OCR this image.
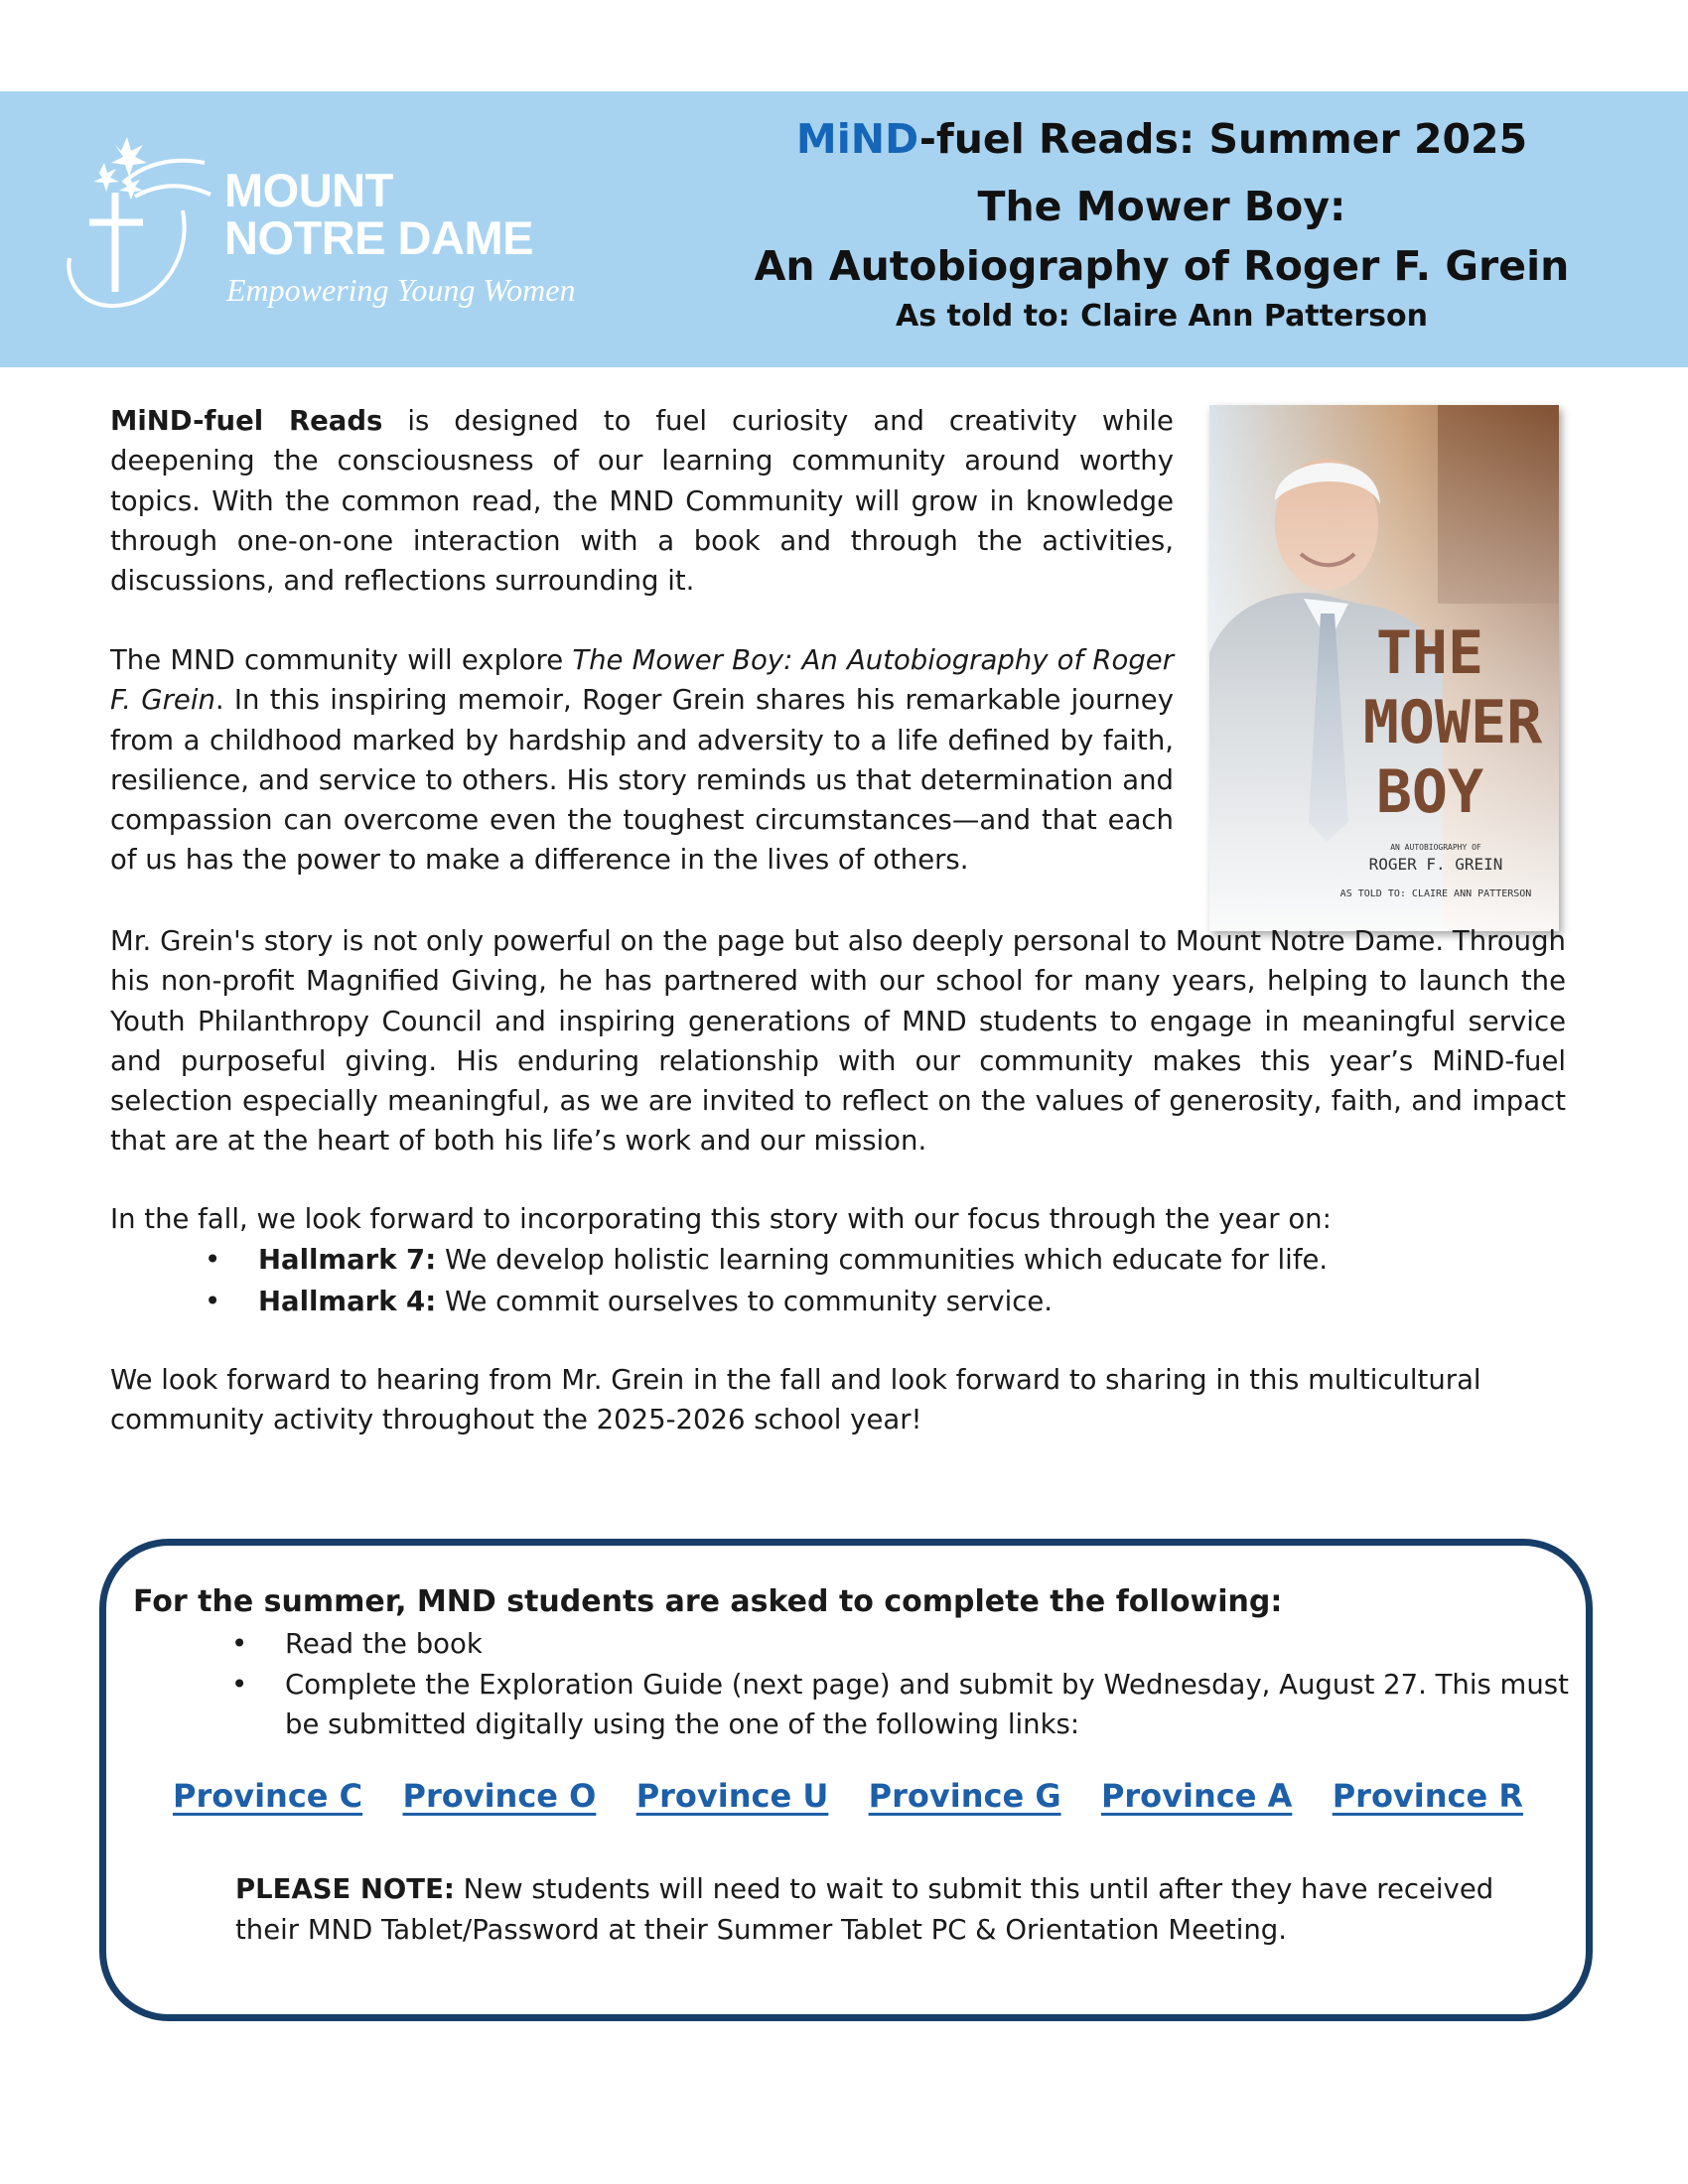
MOUNT
NOTRE DAME
Empowering Young Women
MiND-fuel Reads: Summer 2025
The Mower Boy:
An Autobiography of Roger F. Grein
As told to: Claire Ann Patterson

MiND-fuel Reads is designed to fuel curiosity and creativity while deepening the consciousness of our learning community around worthy topics. With the common read, the MND Community will grow in knowledge through one-on-one interaction with a book and through the activities, discussions, and reflections surrounding it.

The MND community will explore The Mower Boy: An Autobiography of Roger F. Grein. In this inspiring memoir, Roger Grein shares his remarkable journey from a childhood marked by hardship and adversity to a life defined by faith, resilience, and service to others. His story reminds us that determination and compassion can overcome even the toughest circumstances—and that each of us has the power to make a difference in the lives of others.

THE
MOWER
BOY
AN AUTOBIOGRAPHY OF
ROGER F. GREIN
AS TOLD TO: CLAIRE ANN PATTERSON

Mr. Grein's story is not only powerful on the page but also deeply personal to Mount Notre Dame. Through his non-profit Magnified Giving, he has partnered with our school for many years, helping to launch the Youth Philanthropy Council and inspiring generations of MND students to engage in meaningful service and purposeful giving. His enduring relationship with our community makes this year’s MiND-fuel selection especially meaningful, as we are invited to reflect on the values of generosity, faith, and impact that are at the heart of both his life’s work and our mission.

In the fall, we look forward to incorporating this story with our focus through the year on:

• Hallmark 7: We develop holistic learning communities which educate for life.
• Hallmark 4: We commit ourselves to community service.

We look forward to hearing from Mr. Grein in the fall and look forward to sharing in this multicultural community activity throughout the 2025-2026 school year!

For the summer, MND students are asked to complete the following:
• Read the book
• Complete the Exploration Guide (next page) and submit by Wednesday, August 27. This must be submitted digitally using the one of the following links:
Province C Province O Province U Province G Province A Province R
PLEASE NOTE: New students will need to wait to submit this until after they have received their MND Tablet/Password at their Summer Tablet PC & Orientation Meeting.
